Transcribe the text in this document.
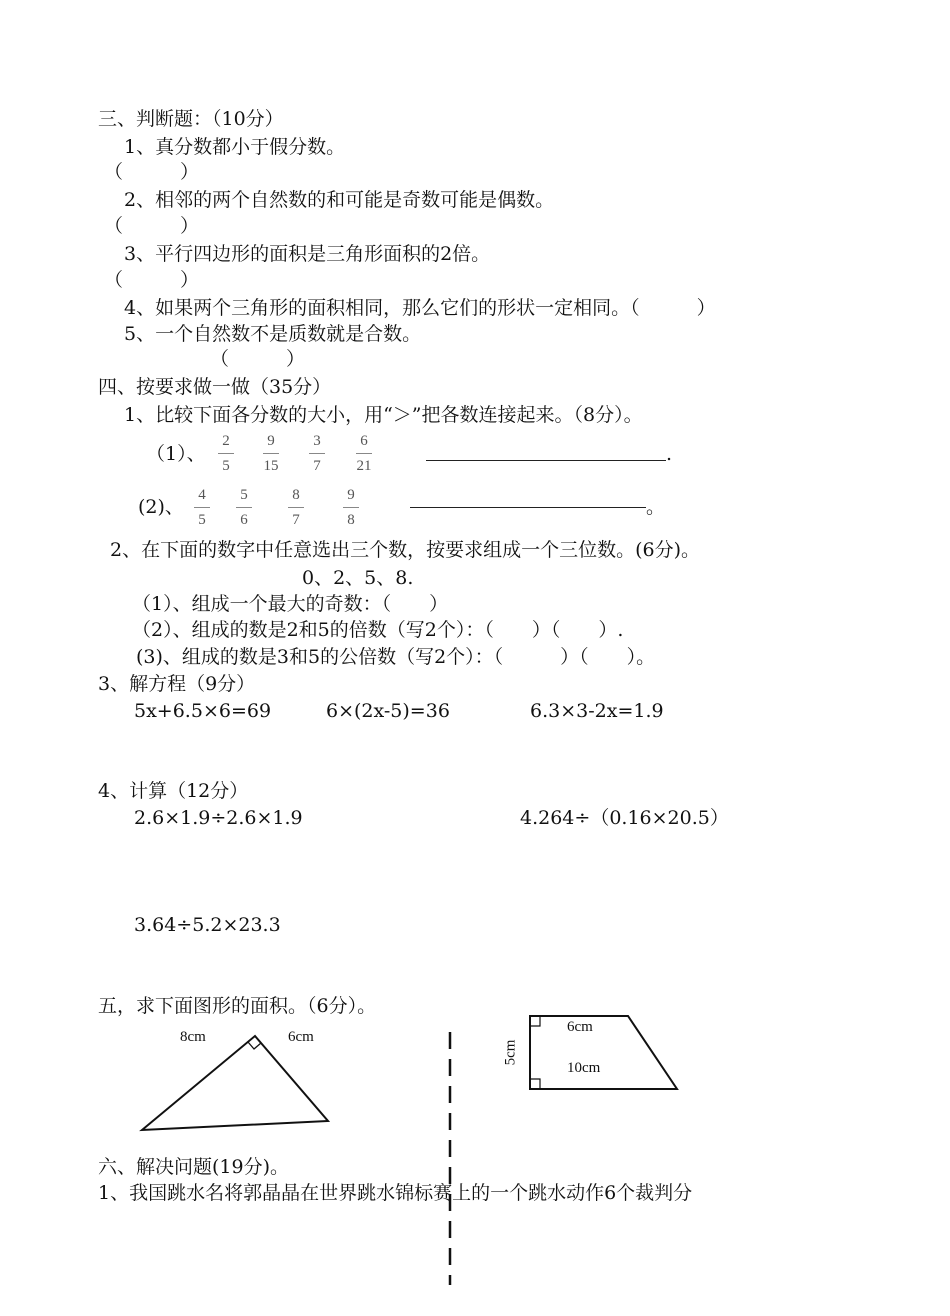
三、判断题：（10分）
1、真分数都小于假分数。
（　　　）
2、相邻的两个自然数的和可能是奇数可能是偶数。
（　　　）
3、平行四边形的面积是三角形面积的2倍。
（　　　）
4、如果两个三角形的面积相同，那么它们的形状一定相同。（　　　）
5、一个自然数不是质数就是合数。
（　　　）
四、按要求做一做（35分）
1、比较下面各分数的大小，用“＞”把各数连接起来。（8分）。
（1）、
2
5
9
15
3
7
6
21
.
(2)、
4
5
5
6
8
7
9
8
。
2、在下面的数字中任意选出三个数，按要求组成一个三位数。(6分)。
0、2、5、8.
（1）、组成一个最大的奇数：（　　）
（2）、组成的数是2和5的倍数（写2个）：（　　）（　　）.
(3)、组成的数是3和5的公倍数（写2个）：（　　　）（　　）。
3、解方程（9分）
5x+6.5×6=69	6×(2x-5)=36	6.3×3-2x=1.9
4、计算（12分）
2.6×1.9÷2.6×1.9	4.264÷（0.16×20.5）
3.64÷5.2×23.3
五，求下面图形的面积。（6分）。
8cm	6cm
6cm
10cm
5cm
六、解决问题(19分)。
1、我国跳水名将郭晶晶在世界跳水锦标赛上的一个跳水动作6个裁判分
